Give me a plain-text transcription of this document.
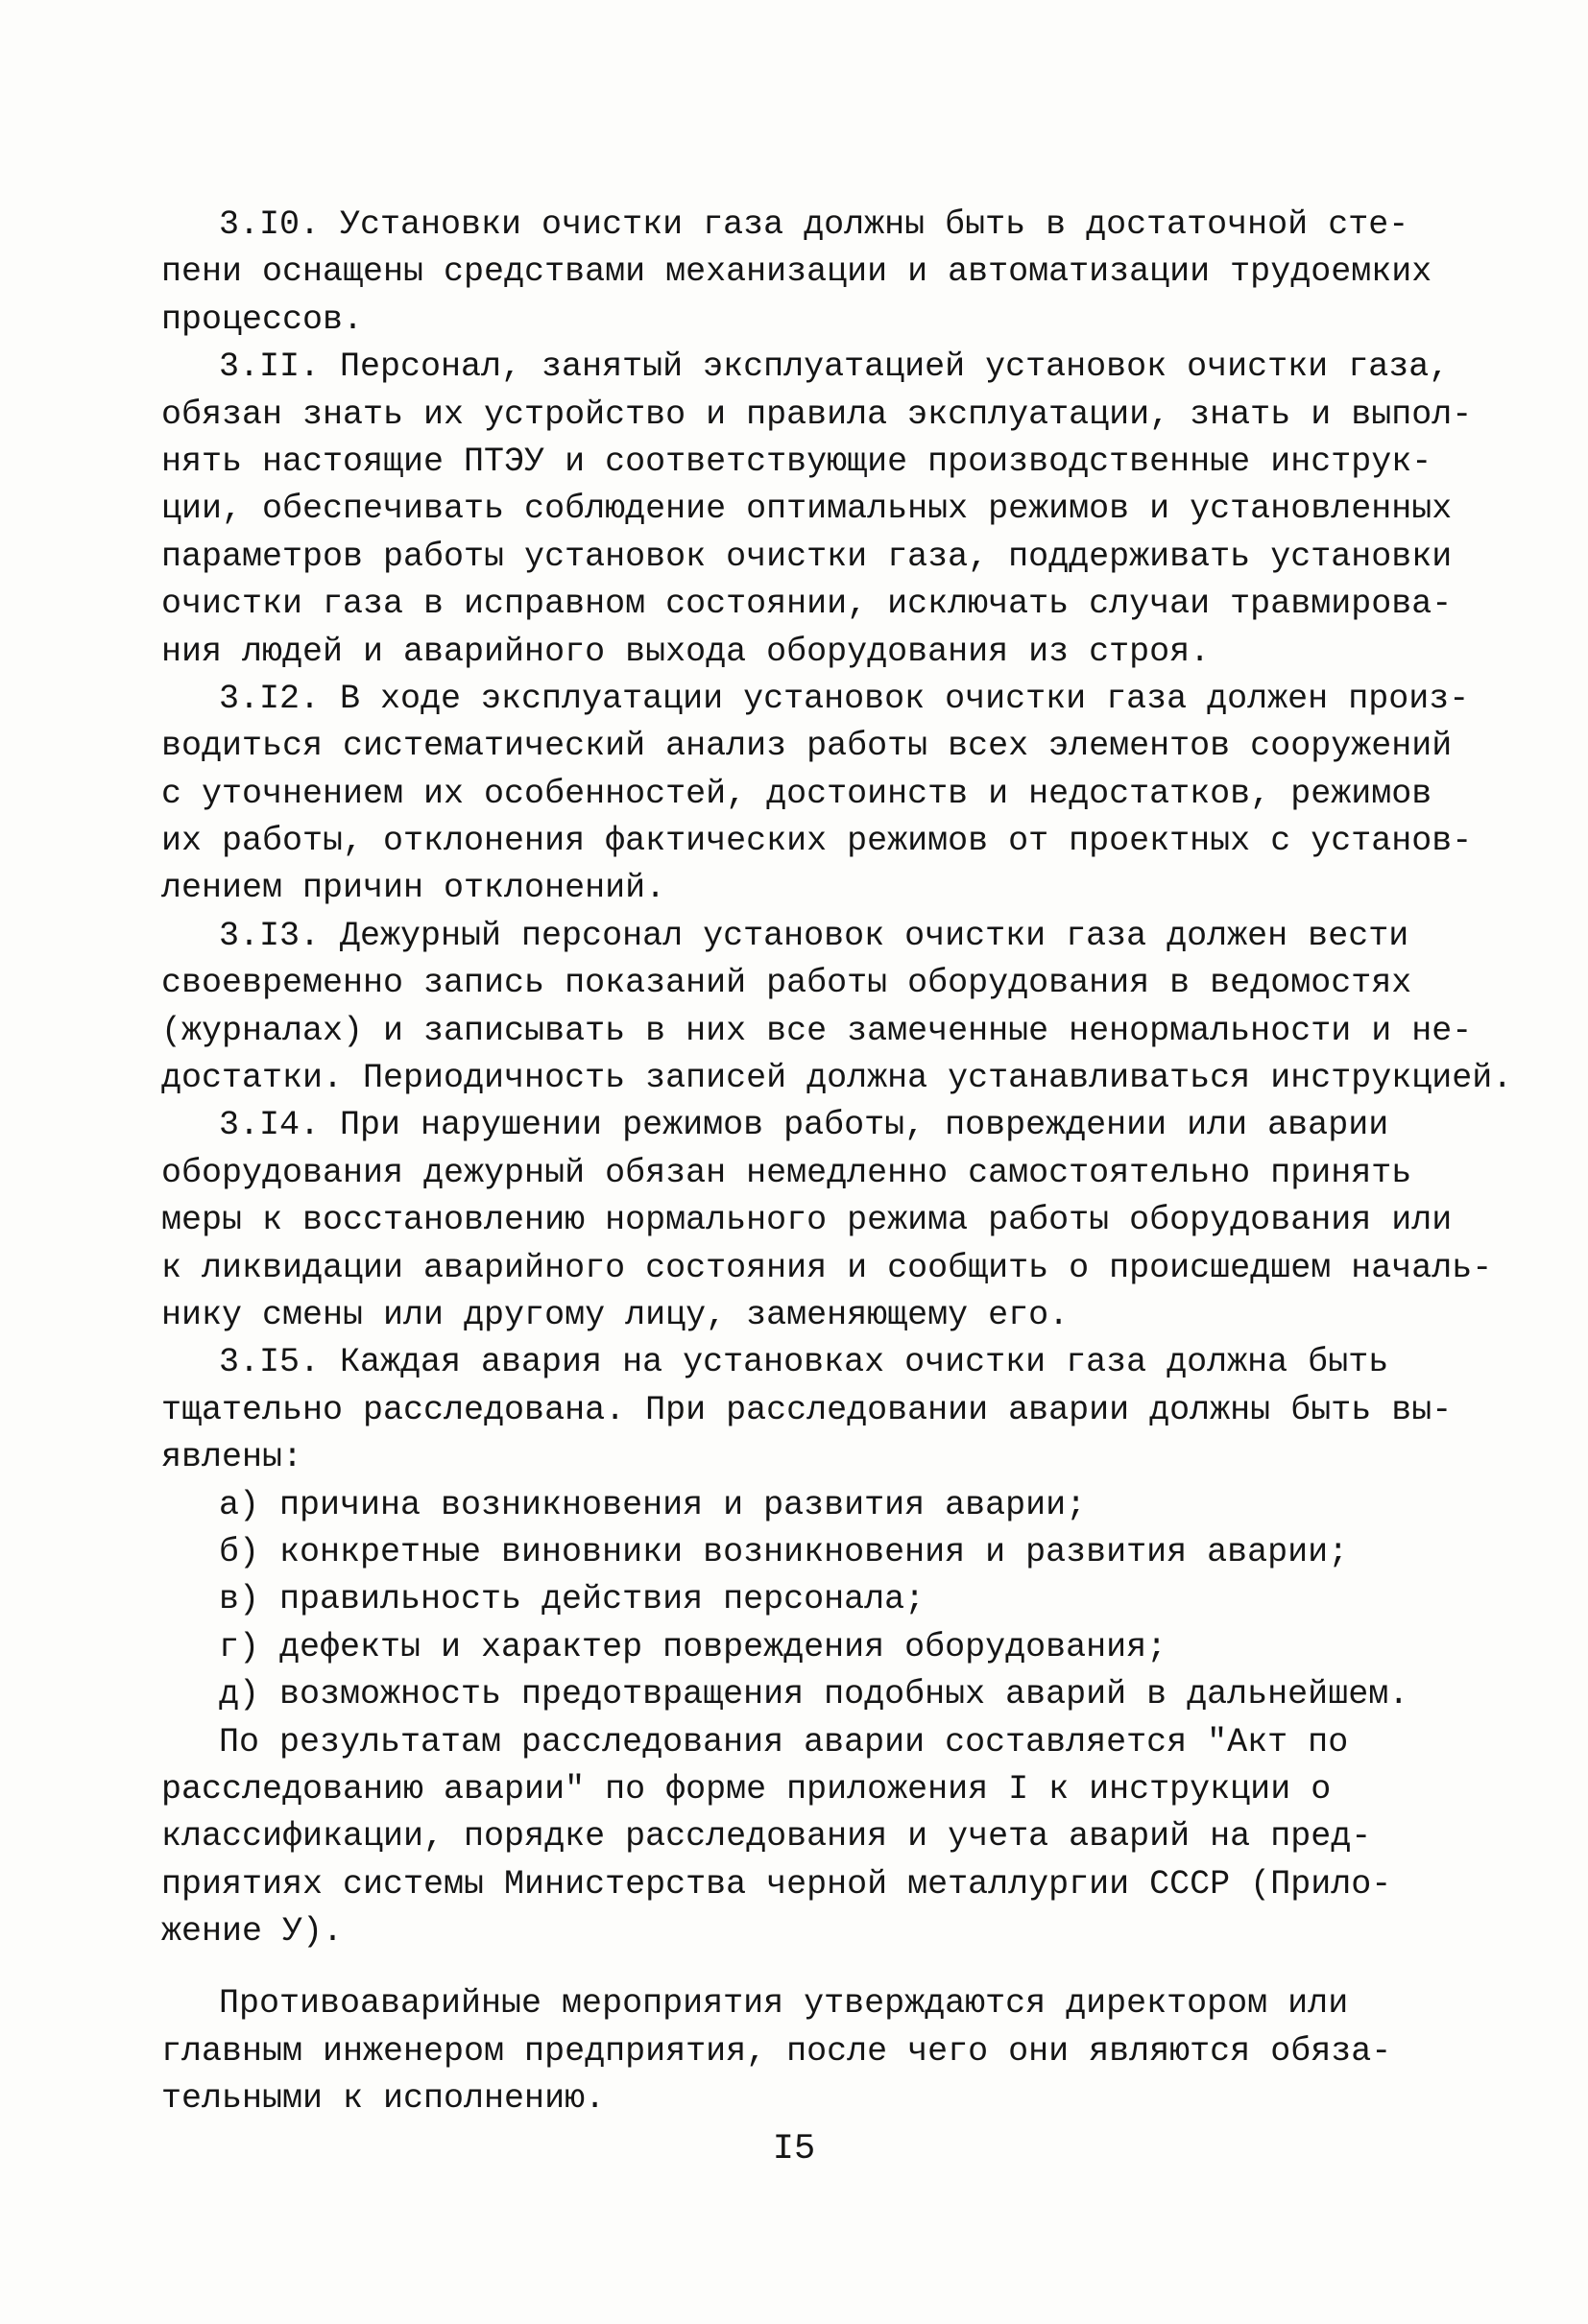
3.I0. Установки очистки газа должны быть в достаточной сте-
пени оснащены средствами механизации и автоматизации трудоемких
процессов.
3.II. Персонал, занятый эксплуатацией установок очистки газа,
обязан знать их устройство и правила эксплуатации, знать и выпол-
нять настоящие ПТЭУ и соответствующие производственные инструк-
ции, обеспечивать соблюдение оптимальных режимов и установленных
параметров работы установок очистки газа, поддерживать установки
очистки газа в исправном состоянии, исключать случаи травмирова-
ния людей и аварийного выхода оборудования из строя.
3.I2. В ходе эксплуатации установок очистки газа должен произ-
водиться систематический анализ работы всех элементов сооружений
с уточнением их особенностей, достоинств и недостатков, режимов
их работы, отклонения фактических режимов от проектных с установ-
лением причин отклонений.
3.I3. Дежурный персонал установок очистки газа должен вести
своевременно запись показаний работы оборудования в ведомостях
(журналах) и записывать в них все замеченные ненормальности и не-
достатки. Периодичность записей должна устанавливаться инструкцией.
3.I4. При нарушении режимов работы, повреждении или аварии
оборудования дежурный обязан немедленно самостоятельно принять
меры к восстановлению нормального режима работы оборудования или
к ликвидации аварийного состояния и сообщить о происшедшем началь-
нику смены или другому лицу, заменяющему его.
3.I5. Каждая авария на установках очистки газа должна быть
тщательно расследована. При расследовании аварии должны быть вы-
явлены:
а) причина возникновения и развития аварии;
б) конкретные виновники возникновения и развития аварии;
в) правильность действия персонала;
г) дефекты и характер повреждения оборудования;
д) возможность предотвращения подобных аварий в дальнейшем.
По результатам расследования аварии составляется "Акт по
расследованию аварии" по форме приложения I к инструкции о
классификации, порядке расследования и учета аварий на пред-
приятиях системы Министерства черной металлургии СССР (Прило-
жение У).
Противоаварийные мероприятия утверждаются директором или
главным инженером предприятия, после чего они являются обяза-
тельными к исполнению.
I5
